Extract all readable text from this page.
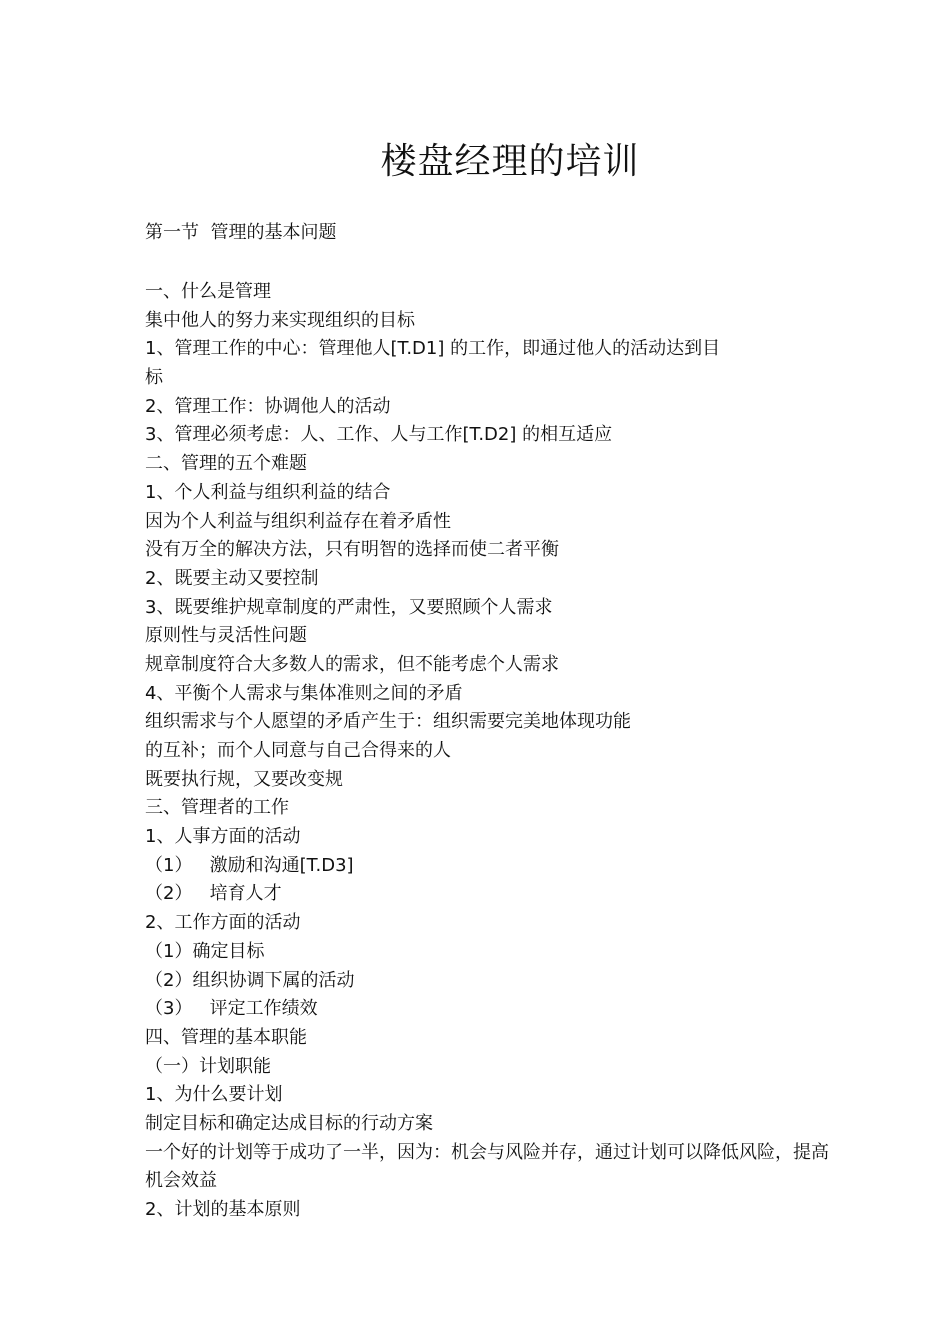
楼盘经理的培训
第一节  管理的基本问题
一、什么是管理
集中他人的努力来实现组织的目标
1、管理工作的中心：管理他人[T.D1] 的工作，即通过他人的活动达到目
标
2、管理工作：协调他人的活动
3、管理必须考虑：人、工作、人与工作[T.D2] 的相互适应
二、管理的五个难题
1、个人利益与组织利益的结合
因为个人利益与组织利益存在着矛盾性
没有万全的解决方法，只有明智的选择而使二者平衡
2、既要主动又要控制
3、既要维护规章制度的严肃性，又要照顾个人需求
原则性与灵活性问题
规章制度符合大多数人的需求，但不能考虑个人需求
4、平衡个人需求与集体准则之间的矛盾
组织需求与个人愿望的矛盾产生于：组织需要完美地体现功能
的互补；而个人同意与自己合得来的人
既要执行规，又要改变规
三、管理者的工作
1、人事方面的活动
（1）   激励和沟通[T.D3]
（2）   培育人才
2、工作方面的活动
（1）确定目标
（2）组织协调下属的活动
（3）   评定工作绩效
四、管理的基本职能
（一）计划职能
1、为什么要计划
制定目标和确定达成目标的行动方案
一个好的计划等于成功了一半，因为：机会与风险并存，通过计划可以降低风险，提高
机会效益
2、计划的基本原则
